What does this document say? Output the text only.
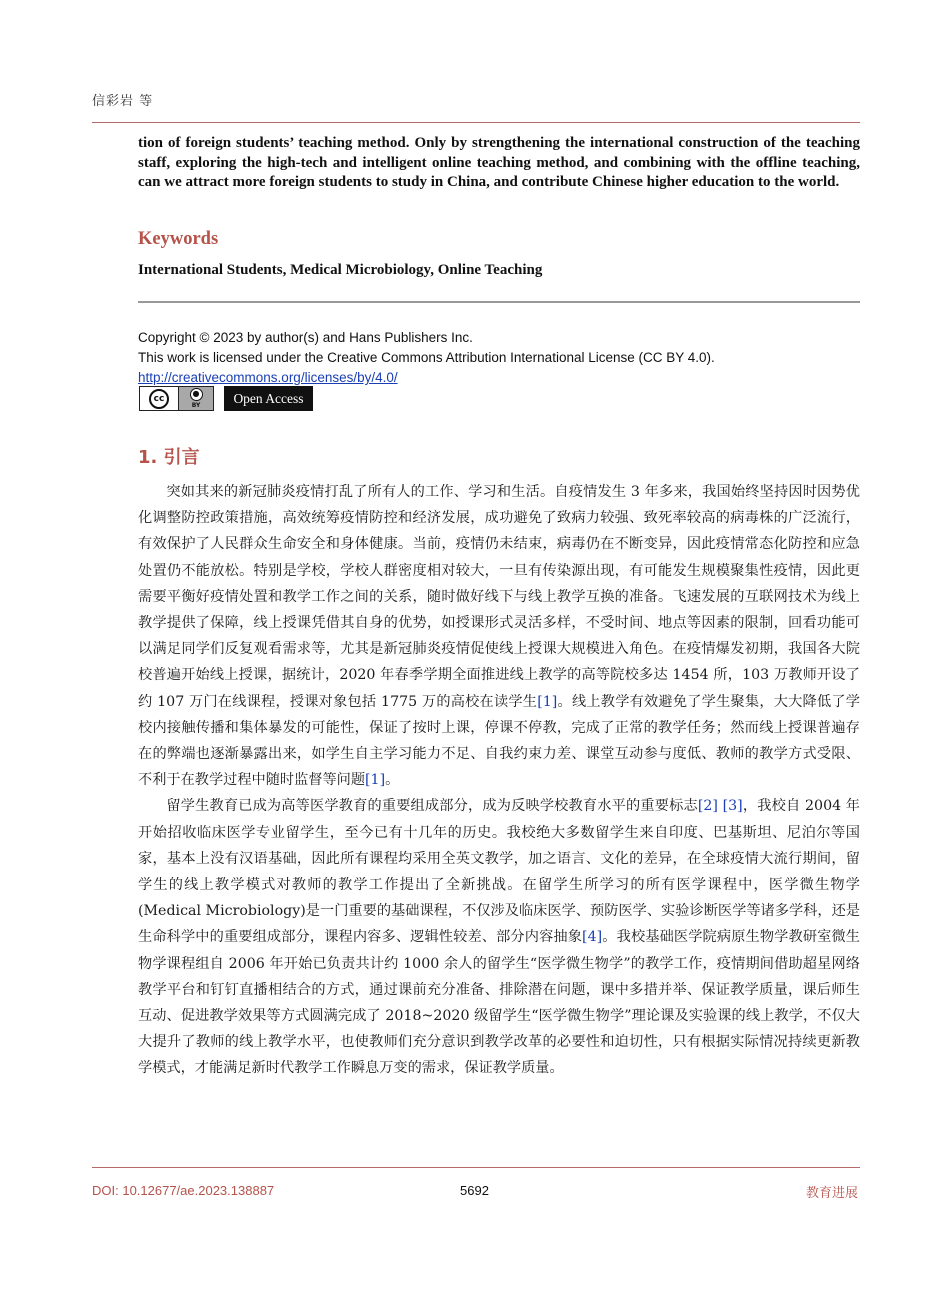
信彩岩 等
tion of foreign students’ teaching method. Only by strengthening the international construction of the teaching staff, exploring the high-tech and intelligent online teaching method, and combining with the offline teaching, can we attract more foreign students to study in China, and contribute Chinese higher education to the world.
Keywords
International Students, Medical Microbiology, Online Teaching
Copyright © 2023 by author(s) and Hans Publishers Inc.
This work is licensed under the Creative Commons Attribution International License (CC BY 4.0).
http://creativecommons.org/licenses/by/4.0/
cc	●
BY	Open Access
1. 引言

突如其来的新冠肺炎疫情打乱了所有人的工作、学习和生活。自疫情发生 3 年多来，我国始终坚持因时因势优化调整防控政策措施，高效统筹疫情防控和经济发展，成功避免了致病力较强、致死率较高的病毒株的广泛流行，有效保护了人民群众生命安全和身体健康。当前，疫情仍未结束，病毒仍在不断变异，因此疫情常态化防控和应急处置仍不能放松。特别是学校，学校人群密度相对较大，一旦有传染源出现，有可能发生规模聚集性疫情，因此更需要平衡好疫情处置和教学工作之间的关系，随时做好线下与线上教学互换的准备。飞速发展的互联网技术为线上教学提供了保障，线上授课凭借其自身的优势，如授课形式灵活多样，不受时间、地点等因素的限制，回看功能可以满足同学们反复观看需求等，尤其是新冠肺炎疫情促使线上授课大规模进入角色。在疫情爆发初期，我国各大院校普遍开始线上授课，据统计，2020 年春季学期全面推进线上教学的高等院校多达 1454 所，103 万教师开设了约 107 万门在线课程，授课对象包括 1775 万的高校在读学生[1]。线上教学有效避免了学生聚集，大大降低了学校内接触传播和集体暴发的可能性，保证了按时上课，停课不停教，完成了正常的教学任务；然而线上授课普遍存在的弊端也逐渐暴露出来，如学生自主学习能力不足、自我约束力差、课堂互动参与度低、教师的教学方式受限、不利于在教学过程中随时监督等问题[1]。

留学生教育已成为高等医学教育的重要组成部分，成为反映学校教育水平的重要标志[2] [3]，我校自 2004 年开始招收临床医学专业留学生，至今已有十几年的历史。我校绝大多数留学生来自印度、巴基斯坦、尼泊尔等国家，基本上没有汉语基础，因此所有课程均采用全英文教学，加之语言、文化的差异，在全球疫情大流行期间，留学生的线上教学模式对教师的教学工作提出了全新挑战。在留学生所学习的所有医学课程中，医学微生物学(Medical Microbiology)是一门重要的基础课程，不仅涉及临床医学、预防医学、实验诊断医学等诸多学科，还是生命科学中的重要组成部分，课程内容多、逻辑性较差、部分内容抽象[4]。我校基础医学院病原生物学教研室微生物学课程组自 2006 年开始已负责共计约 1000 余人的留学生“医学微生物学”的教学工作，疫情期间借助超星网络教学平台和钉钉直播相结合的方式，通过课前充分准备、排除潜在问题，课中多措并举、保证教学质量，课后师生互动、促进教学效果等方式圆满完成了 2018~2020 级留学生“医学微生物学”理论课及实验课的线上教学，不仅大大提升了教师的线上教学水平，也使教师们充分意识到教学改革的必要性和迫切性，只有根据实际情况持续更新教学模式，才能满足新时代教学工作瞬息万变的需求，保证教学质量。

DOI: 10.12677/ae.2023.138887	5692	教育进展
